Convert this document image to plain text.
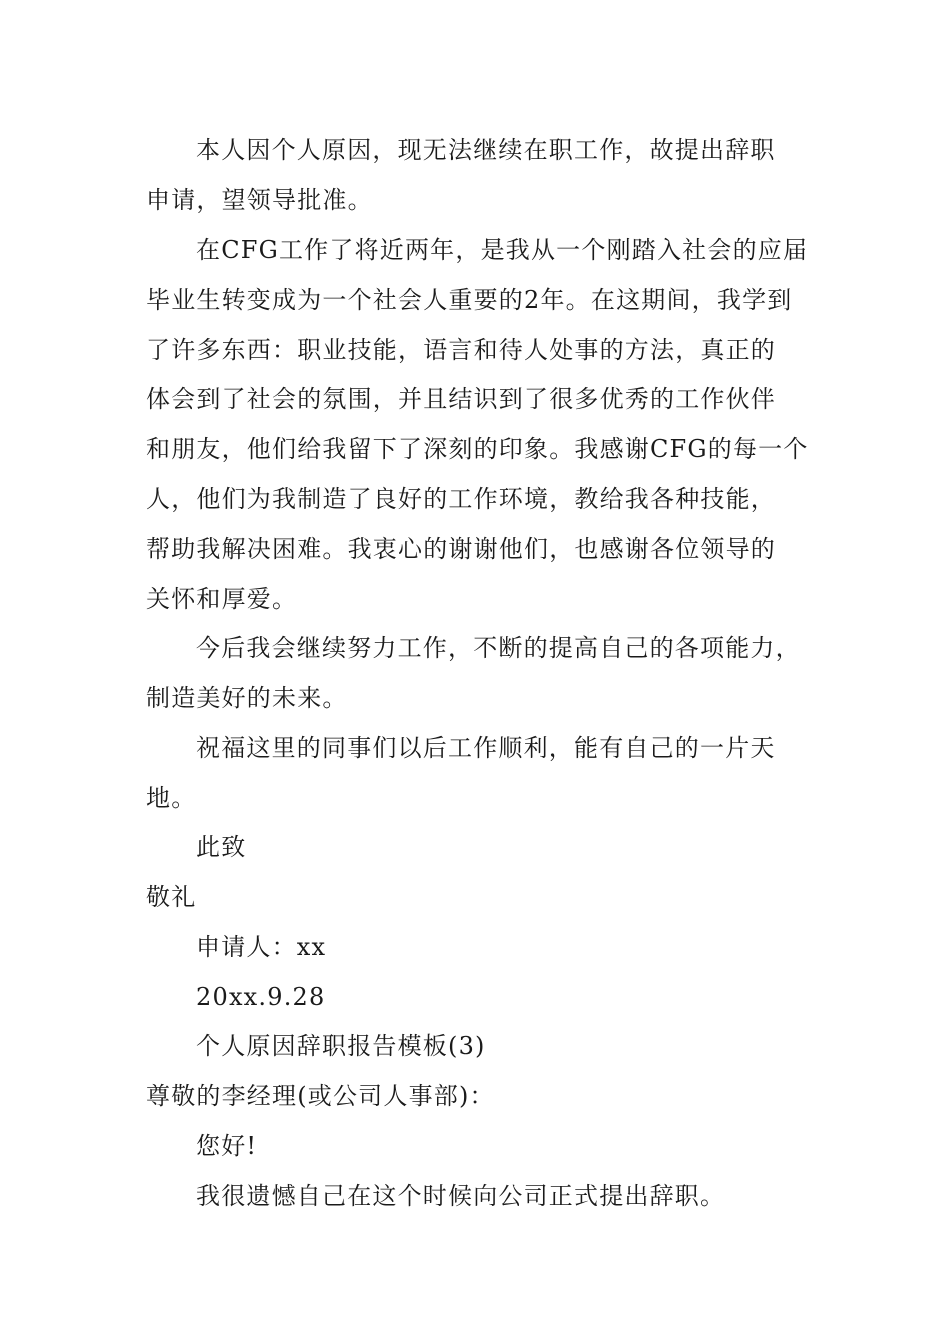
本人因个人原因，现无法继续在职工作，故提出辞职
申请，望领导批准。
在CFG工作了将近两年，是我从一个刚踏入社会的应届
毕业生转变成为一个社会人重要的2年。在这期间，我学到
了许多东西：职业技能，语言和待人处事的方法，真正的
体会到了社会的氛围，并且结识到了很多优秀的工作伙伴
和朋友，他们给我留下了深刻的印象。我感谢CFG的每一个
人，他们为我制造了良好的工作环境，教给我各种技能，
帮助我解决困难。我衷心的谢谢他们，也感谢各位领导的
关怀和厚爱。
今后我会继续努力工作，不断的提高自己的各项能力，
制造美好的未来。
祝福这里的同事们以后工作顺利，能有自己的一片天
地。
此致
敬礼
申请人：xx
20xx.9.28
个人原因辞职报告模板(3)
尊敬的李经理(或公司人事部)：
您好!
我很遗憾自己在这个时候向公司正式提出辞职。
